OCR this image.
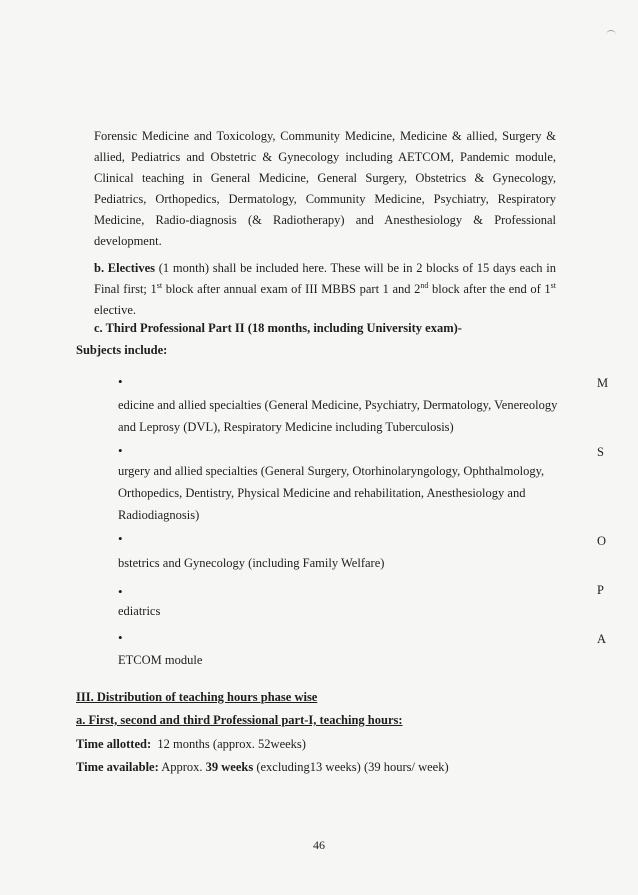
Forensic Medicine and Toxicology, Community Medicine, Medicine & allied, Surgery & allied, Pediatrics and Obstetric & Gynecology including AETCOM, Pandemic module, Clinical teaching in General Medicine, General Surgery, Obstetrics & Gynecology, Pediatrics, Orthopedics, Dermatology, Community Medicine, Psychiatry, Respiratory Medicine, Radio-diagnosis (& Radiotherapy) and Anesthesiology & Professional development.
b. Electives (1 month) shall be included here. These will be in 2 blocks of 15 days each in Final first; 1st block after annual exam of III MBBS part 1 and 2nd block after the end of 1st elective.
c. Third Professional Part II (18 months, including University exam)-
Subjects include:
•	M
edicine and allied specialties (General Medicine, Psychiatry, Dermatology, Venereology and Leprosy (DVL), Respiratory Medicine including Tuberculosis)
•	S
urgery and allied specialties (General Surgery, Otorhinolaryngology, Ophthalmology, Orthopedics, Dentistry, Physical Medicine and rehabilitation, Anesthesiology and Radiodiagnosis)
•	O
bstetrics and Gynecology (including Family Welfare)
•	P
ediatrics
•	A
ETCOM module
III. Distribution of teaching hours phase wise
a. First, second and third Professional part-I, teaching hours:
Time allotted: 12 months (approx. 52weeks)
Time available: Approx. 39 weeks (excluding13 weeks) (39 hours/ week)
46
